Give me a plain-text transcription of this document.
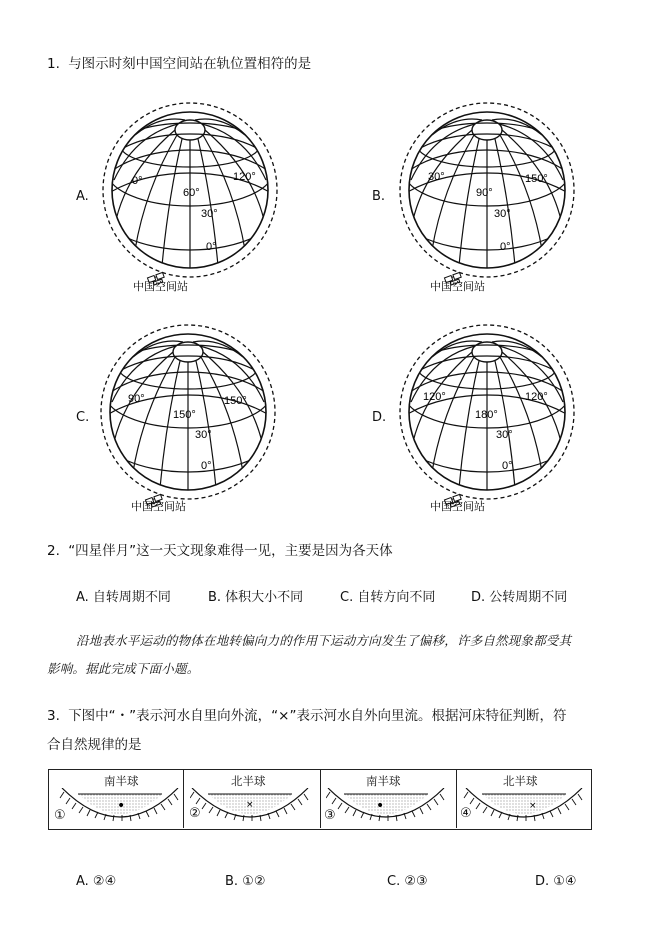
1. 与图示时刻中国空间站在轨位置相符的是
A.
0°
60°
120°
30°
0°
中国空间站
B.
30°
90°
150°
30°
0°
中国空间站
C.
90°
150°
150°
30°
0°
中国空间站
D.
120°
180°
120°
30°
0°
中国空间站
2. “四星伴月”这一天文现象难得一见，主要是因为各天体
A. 自转周期不同	B. 体积大小不同	C. 自转方向不同	D. 公转周期不同
沿地表水平运动的物体在地转偏向力的作用下运动方向发生了偏移，许多自然现象都受其
影响。据此完成下面小题。
3. 下图中“・”表示河水自里向外流，“×”表示河水自外向里流。根据河床特征判断，符
合自然规律的是
南半球
•
①
北半球
×
②
南半球
•
③
北半球
×
④
A. ②④	B. ①②	C. ②③	D. ①④
